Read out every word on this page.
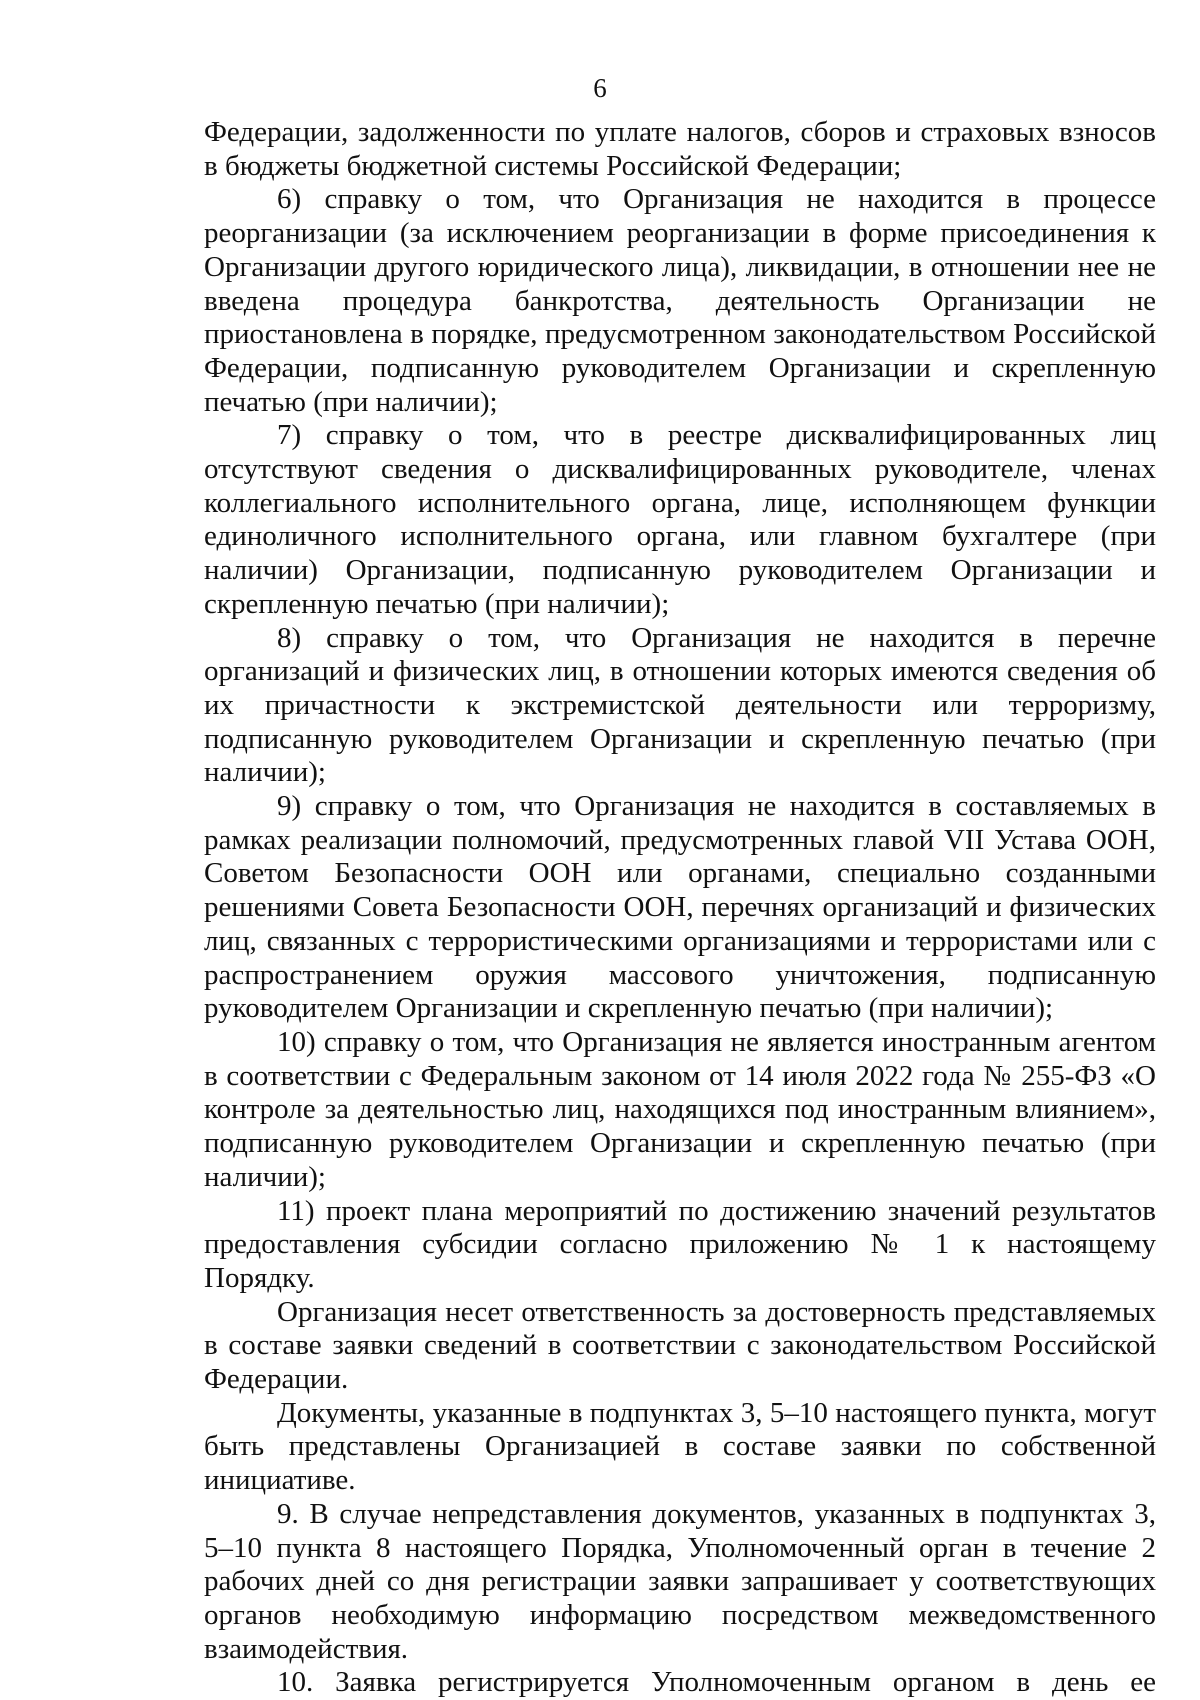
6

Федерации, задолженности по уплате налогов, сборов и страховых взносов в бюджеты бюджетной системы Российской Федерации;

6) справку о том, что Организация не находится в процессе реорганизации (за исключением реорганизации в форме присоединения к Организации другого юридического лица), ликвидации, в отношении нее не введена процедура банкротства, деятельность Организации не приостановлена в порядке, предусмотренном законодательством Российской Федерации, подписанную руководителем Организации и скрепленную печатью (при наличии);

7) справку о том, что в реестре дисквалифицированных лиц отсутствуют сведения о дисквалифицированных руководителе, членах коллегиального исполнительного органа, лице, исполняющем функции единоличного исполнительного органа, или главном бухгалтере (при наличии) Организации, подписанную руководителем Организации и скрепленную печатью (при наличии);

8) справку о том, что Организация не находится в перечне организаций и физических лиц, в отношении которых имеются сведения об их причастности к экстремистской деятельности или терроризму, подписанную руководителем Организации и скрепленную печатью (при наличии);

9) справку о том, что Организация не находится в составляемых в рамках реализации полномочий, предусмотренных главой VII Устава ООН, Советом Безопасности ООН или органами, специально созданными решениями Совета Безопасности ООН, перечнях организаций и физических лиц, связанных с террористическими организациями и террористами или с распространением оружия массового уничтожения, подписанную руководителем Организации и скрепленную печатью (при наличии);

10) справку о том, что Организация не является иностранным агентом в соответствии с Федеральным законом от 14 июля 2022 года № 255-ФЗ «О контроле за деятельностью лиц, находящихся под иностранным влиянием», подписанную руководителем Организации и скрепленную печатью (при наличии);

11) проект плана мероприятий по достижению значений результатов предоставления субсидии согласно приложению № 1 к настоящему Порядку.

Организация несет ответственность за достоверность представляемых в составе заявки сведений в соответствии с законодательством Российской Федерации.

Документы, указанные в подпунктах 3, 5–10 настоящего пункта, могут быть представлены Организацией в составе заявки по собственной инициативе.

9. В случае непредставления документов, указанных в подпунктах 3, 5–10 пункта 8 настоящего Порядка, Уполномоченный орган в течение 2 рабочих дней со дня регистрации заявки запрашивает у соответствующих органов необходимую информацию посредством межведомственного взаимодействия.

10. Заявка регистрируется Уполномоченным органом в день ее
